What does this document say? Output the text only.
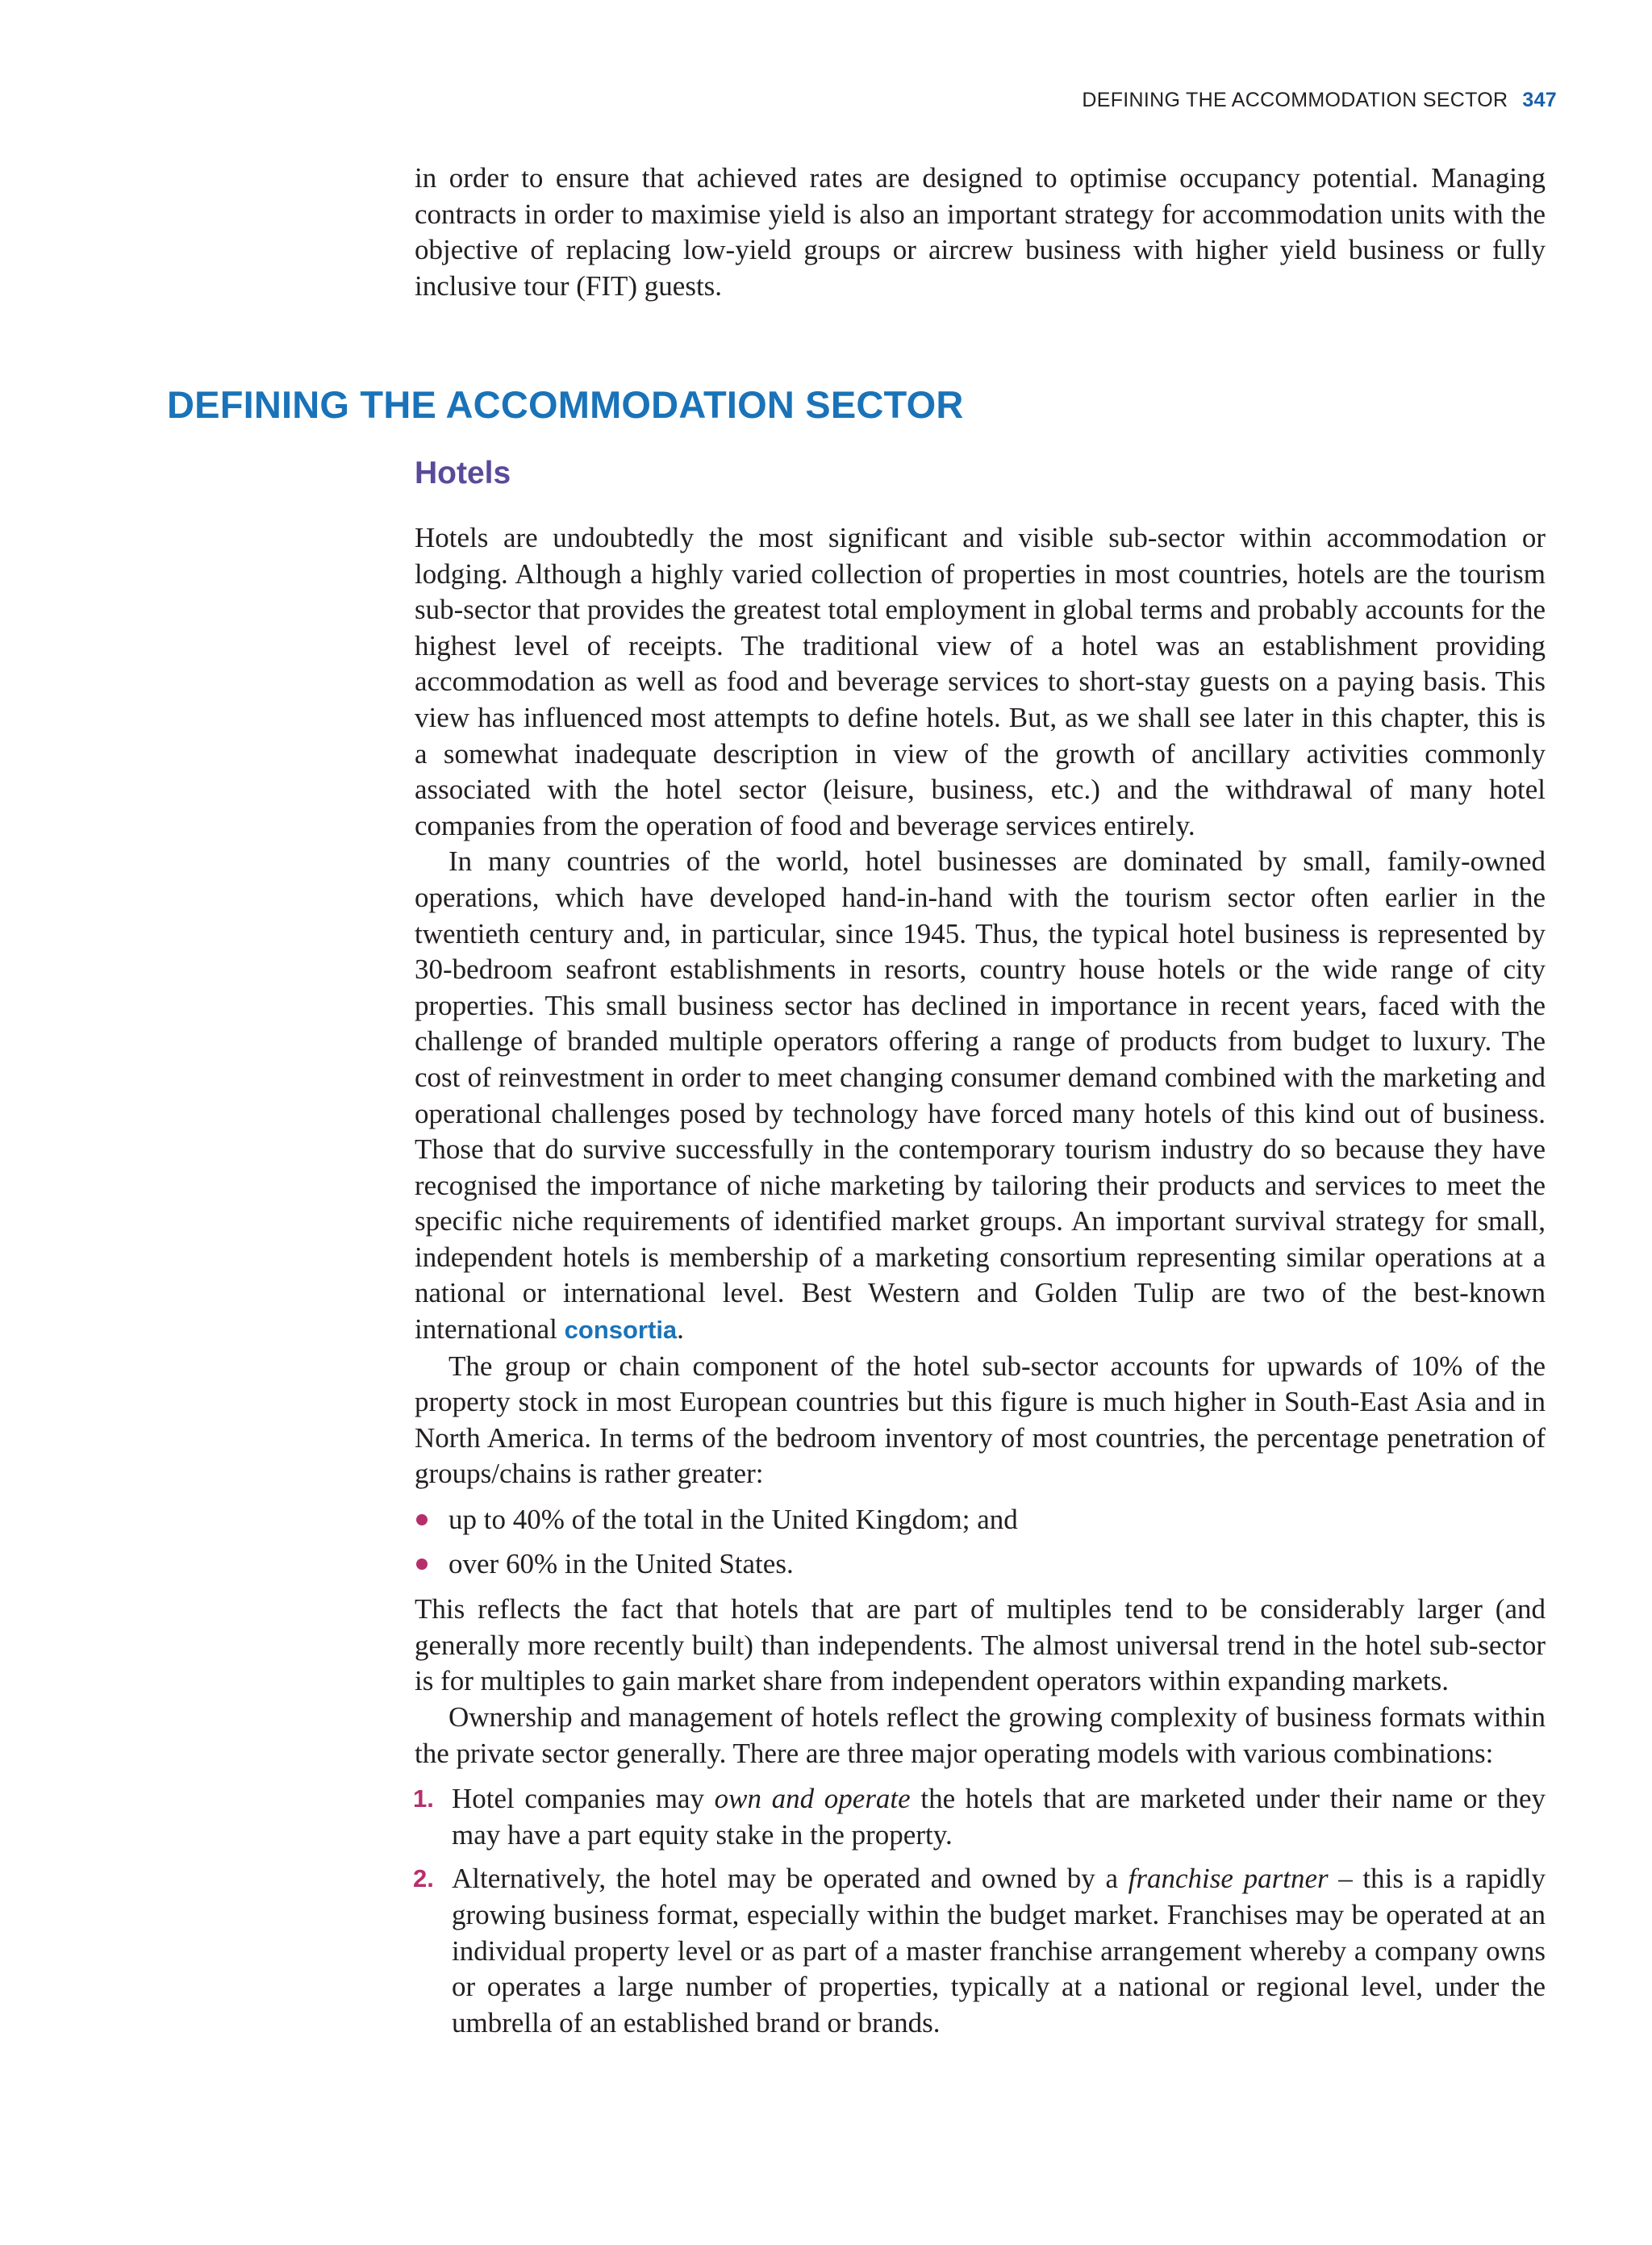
DEFINING THE ACCOMMODATION SECTOR 347

in order to ensure that achieved rates are designed to optimise occupancy potential. Managing contracts in order to maximise yield is also an important strategy for accommodation units with the objective of replacing low-yield groups or aircrew business with higher yield business or fully inclusive tour (FIT) guests.

DEFINING THE ACCOMMODATION SECTOR
Hotels

Hotels are undoubtedly the most significant and visible sub-sector within accommodation or lodging. Although a highly varied collection of properties in most countries, hotels are the tourism sub-sector that provides the greatest total employment in global terms and probably accounts for the highest level of receipts. The traditional view of a hotel was an establishment providing accommodation as well as food and beverage services to short-stay guests on a paying basis. This view has influenced most attempts to define hotels. But, as we shall see later in this chapter, this is a somewhat inadequate description in view of the growth of ancillary activities commonly associated with the hotel sector (leisure, business, etc.) and the withdrawal of many hotel companies from the operation of food and beverage services entirely.

In many countries of the world, hotel businesses are dominated by small, family-owned operations, which have developed hand-in-hand with the tourism sector often earlier in the twentieth century and, in particular, since 1945. Thus, the typical hotel business is represented by 30-bedroom seafront establishments in resorts, country house hotels or the wide range of city properties. This small business sector has declined in importance in recent years, faced with the challenge of branded multiple operators offering a range of products from budget to luxury. The cost of reinvestment in order to meet changing consumer demand combined with the marketing and operational challenges posed by technology have forced many hotels of this kind out of business. Those that do survive successfully in the contemporary tourism industry do so because they have recognised the importance of niche marketing by tailoring their products and services to meet the specific niche requirements of identified market groups. An important survival strategy for small, independent hotels is membership of a marketing consortium representing similar operations at a national or international level. Best Western and Golden Tulip are two of the best-known international consortia.

The group or chain component of the hotel sub-sector accounts for upwards of 10% of the property stock in most European countries but this figure is much higher in South-East Asia and in North America. In terms of the bedroom inventory of most countries, the percentage penetration of groups/chains is rather greater:

up to 40% of the total in the United Kingdom; and
over 60% in the United States.

This reflects the fact that hotels that are part of multiples tend to be considerably larger (and generally more recently built) than independents. The almost universal trend in the hotel sub-sector is for multiples to gain market share from independent operators within expanding markets.

Ownership and management of hotels reflect the growing complexity of business formats within the private sector generally. There are three major operating models with various combinations:

1. Hotel companies may own and operate the hotels that are marketed under their name or they may have a part equity stake in the property.
2. Alternatively, the hotel may be operated and owned by a franchise partner – this is a rapidly growing business format, especially within the budget market. Franchises may be operated at an individual property level or as part of a master franchise arrangement whereby a company owns or operates a large number of properties, typically at a national or regional level, under the umbrella of an established brand or brands.
